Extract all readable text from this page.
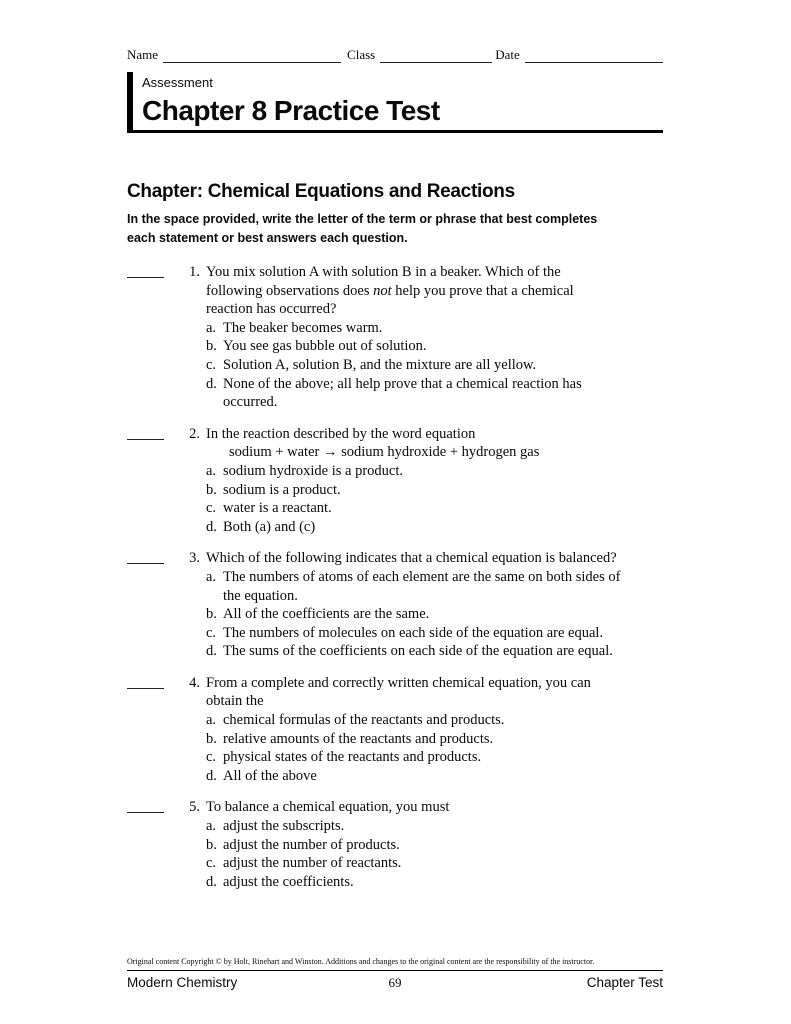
Name	Class	Date
Assessment
Chapter 8 Practice Test
Chapter: Chemical Equations and Reactions
In the space provided, write the letter of the term or phrase that best completes
each statement or best answers each question.
1. You mix solution A with solution B in a beaker. Which of the
following observations does not help you prove that a chemical
reaction has occurred?
a. The beaker becomes warm.
b. You see gas bubble out of solution.
c. Solution A, solution B, and the mixture are all yellow.
d. None of the above; all help prove that a chemical reaction has
occurred.
2. In the reaction described by the word equation
sodium + water → sodium hydroxide + hydrogen gas
a. sodium hydroxide is a product.
b. sodium is a product.
c. water is a reactant.
d. Both (a) and (c)
3. Which of the following indicates that a chemical equation is balanced?
a. The numbers of atoms of each element are the same on both sides of
the equation.
b. All of the coefficients are the same.
c. The numbers of molecules on each side of the equation are equal.
d. The sums of the coefficients on each side of the equation are equal.
4. From a complete and correctly written chemical equation, you can
obtain the
a. chemical formulas of the reactants and products.
b. relative amounts of the reactants and products.
c. physical states of the reactants and products.
d. All of the above
5. To balance a chemical equation, you must
a. adjust the subscripts.
b. adjust the number of products.
c. adjust the number of reactants.
d. adjust the coefficients.
Original content Copyright © by Holt, Rinehart and Winston. Additions and changes to the original content are the responsibility of the instructor.
Modern Chemistry	69	Chapter Test
